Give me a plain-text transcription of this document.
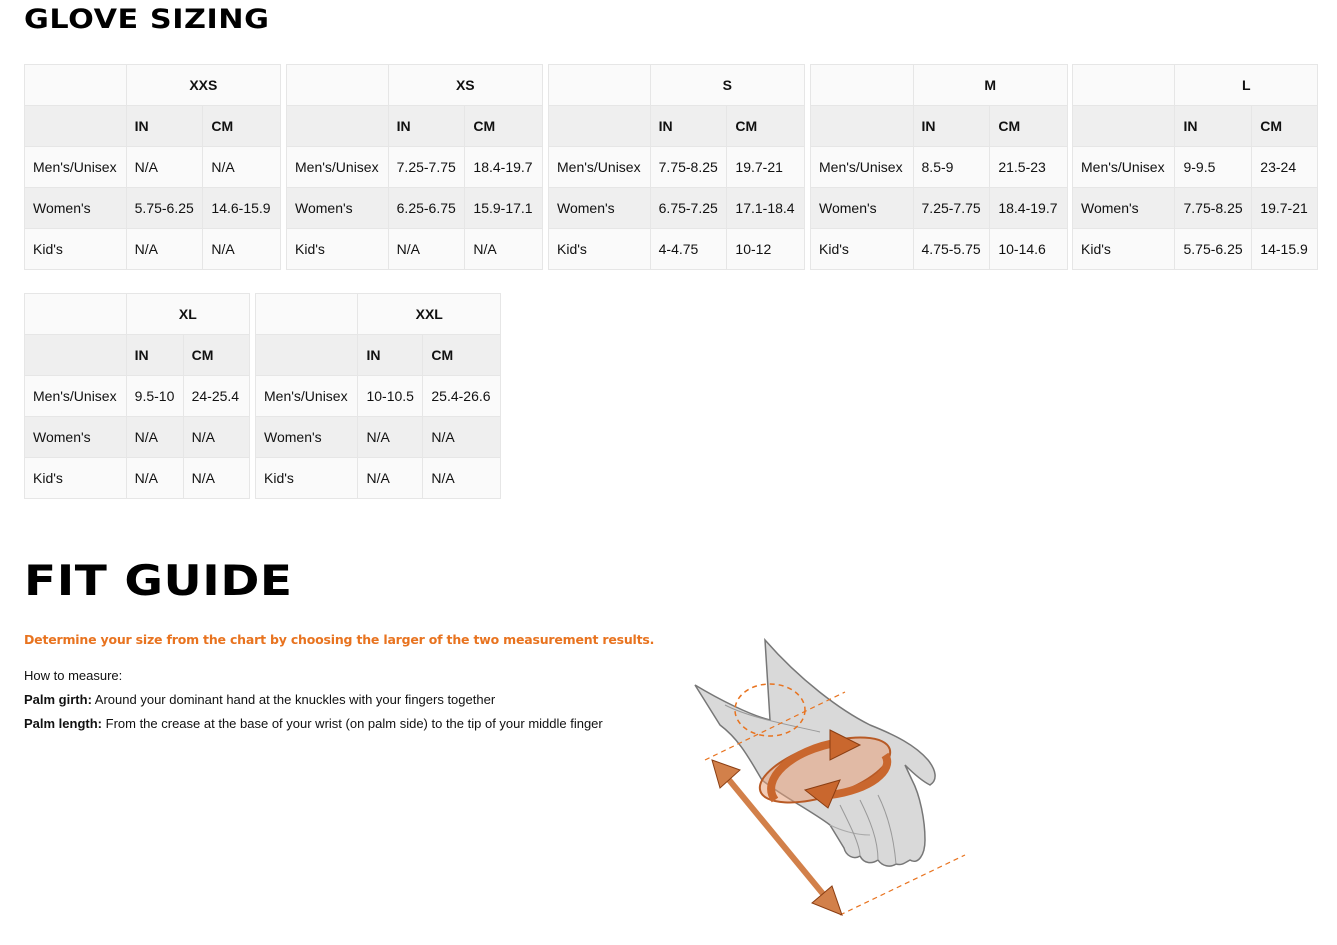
GLOVE SIZING
	XXS	
	IN	CM
Men's/Unisex	N/A	N/A
Women's	5.75-6.25	14.6-15.9
Kid's	N/A	N/A
	XS	
	IN	CM
Men's/Unisex	7.25-7.75	18.4-19.7
Women's	6.25-6.75	15.9-17.1
Kid's	N/A	N/A
	S	
	IN	CM
Men's/Unisex	7.75-8.25	19.7-21
Women's	6.75-7.25	17.1-18.4
Kid's	4-4.75	10-12
	M	
	IN	CM
Men's/Unisex	8.5-9	21.5-23
Women's	7.25-7.75	18.4-19.7
Kid's	4.75-5.75	10-14.6
	L	
	IN	CM
Men's/Unisex	9-9.5	23-24
Women's	7.75-8.25	19.7-21
Kid's	5.75-6.25	14-15.9
	XL	
	IN	CM
Men's/Unisex	9.5-10	24-25.4
Women's	N/A	N/A
Kid's	N/A	N/A
	XXL	
	IN	CM
Men's/Unisex	10-10.5	25.4-26.6
Women's	N/A	N/A
Kid's	N/A	N/A
FIT GUIDE

Determine your size from the chart by choosing the larger of the two measurement results.

How to measure:

Palm girth: Around your dominant hand at the knuckles with your fingers together

Palm length: From the crease at the base of your wrist (on palm side) to the tip of your middle finger
